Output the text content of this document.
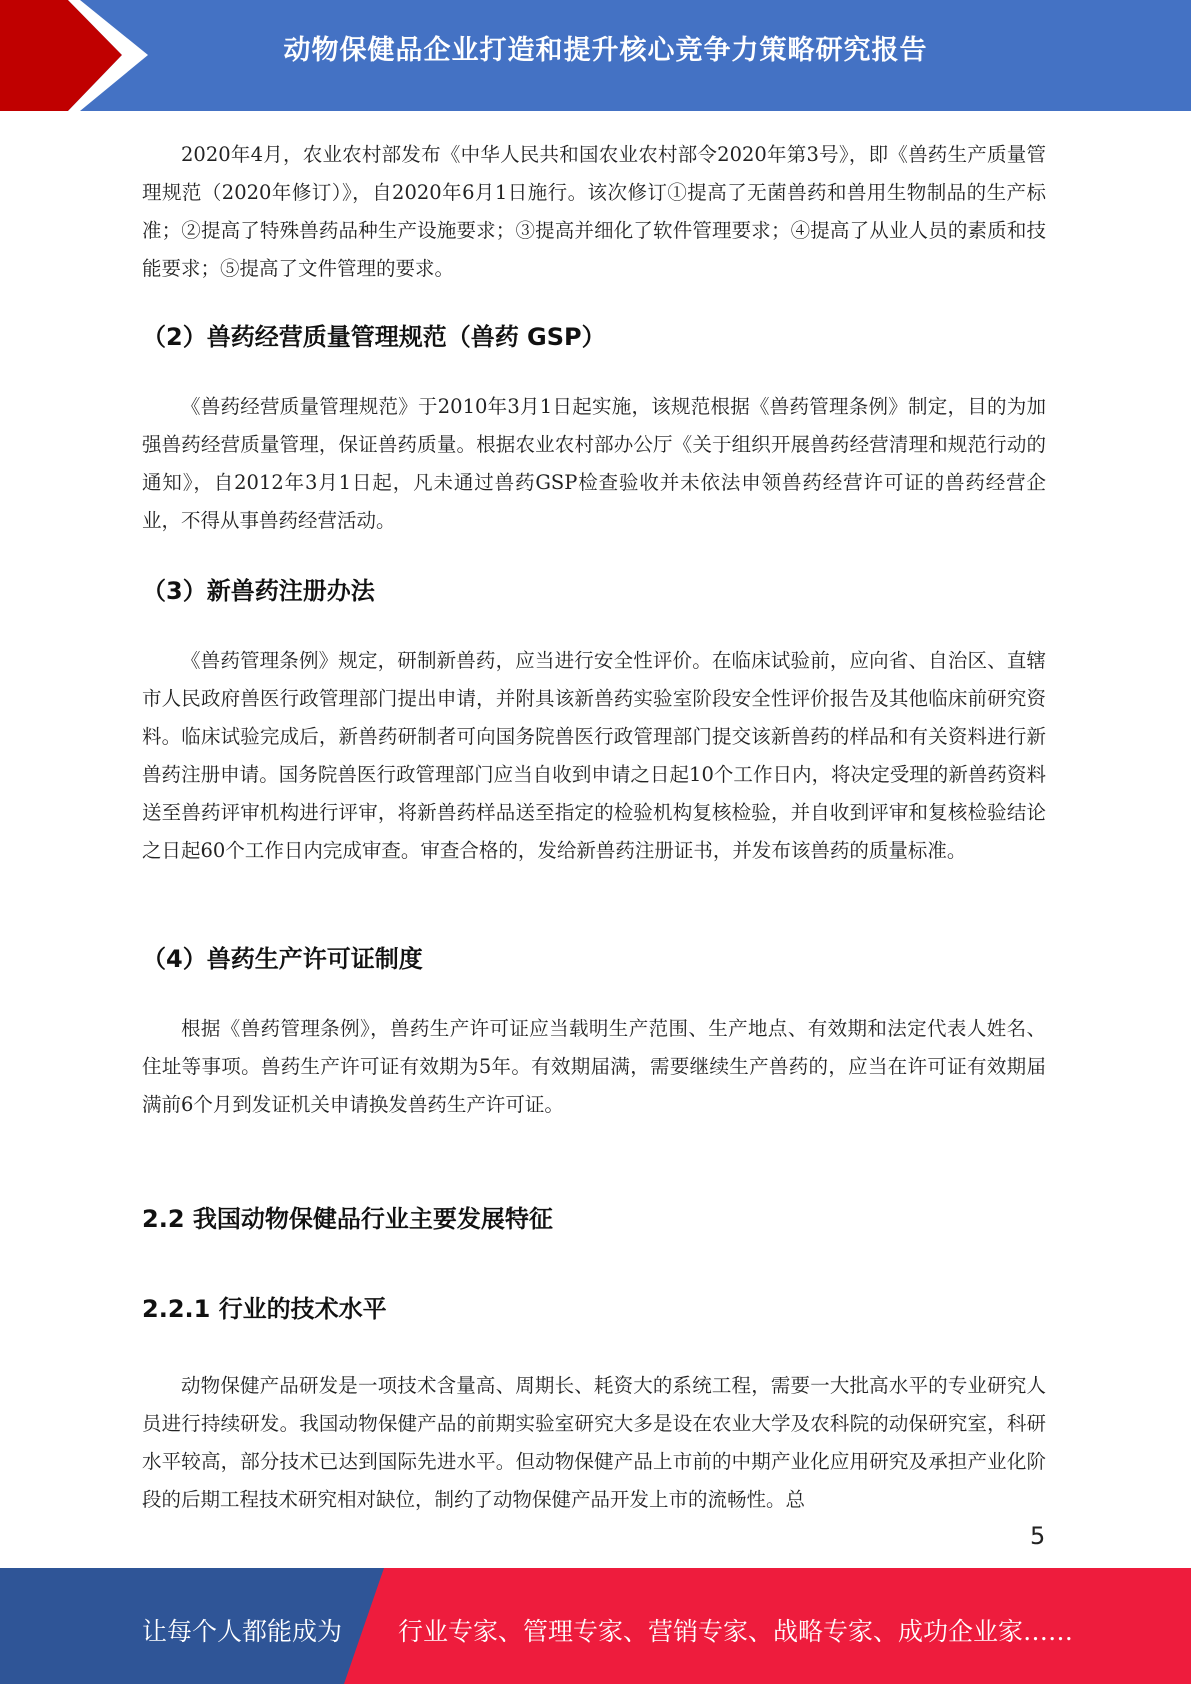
动物保健品企业打造和提升核心竞争力策略研究报告

2020年4月，农业农村部发布《中华人民共和国农业农村部令2020年第3号》，即《兽药生产质量管理规范（2020年修订）》，自2020年6月1日施行。该次修订①提高了无菌兽药和兽用生物制品的生产标准；②提高了特殊兽药品种生产设施要求；③提高并细化了软件管理要求；④提高了从业人员的素质和技能要求；⑤提高了文件管理的要求。

（2）兽药经营质量管理规范（兽药 GSP）

《兽药经营质量管理规范》于2010年3月1日起实施，该规范根据《兽药管理条例》制定，目的为加强兽药经营质量管理，保证兽药质量。根据农业农村部办公厅《关于组织开展兽药经营清理和规范行动的通知》，自2012年3月1日起，凡未通过兽药GSP检查验收并未依法申领兽药经营许可证的兽药经营企业，不得从事兽药经营活动。

（3）新兽药注册办法

《兽药管理条例》规定，研制新兽药，应当进行安全性评价。在临床试验前，应向省、自治区、直辖市人民政府兽医行政管理部门提出申请，并附具该新兽药实验室阶段安全性评价报告及其他临床前研究资料。临床试验完成后，新兽药研制者可向国务院兽医行政管理部门提交该新兽药的样品和有关资料进行新兽药注册申请。国务院兽医行政管理部门应当自收到申请之日起10个工作日内，将决定受理的新兽药资料送至兽药评审机构进行评审，将新兽药样品送至指定的检验机构复核检验，并自收到评审和复核检验结论之日起60个工作日内完成审查。审查合格的，发给新兽药注册证书，并发布该兽药的质量标准。

（4）兽药生产许可证制度

根据《兽药管理条例》，兽药生产许可证应当载明生产范围、生产地点、有效期和法定代表人姓名、住址等事项。兽药生产许可证有效期为5年。有效期届满，需要继续生产兽药的，应当在许可证有效期届满前6个月到发证机关申请换发兽药生产许可证。

2.2 我国动物保健品行业主要发展特征
2.2.1 行业的技术水平

动物保健产品研发是一项技术含量高、周期长、耗资大的系统工程，需要一大批高水平的专业研究人员进行持续研发。我国动物保健产品的前期实验室研究大多是设在农业大学及农科院的动保研究室，科研水平较高，部分技术已达到国际先进水平。但动物保健产品上市前的中期产业化应用研究及承担产业化阶段的后期工程技术研究相对缺位，制约了动物保健产品开发上市的流畅性。总

5
让每个人都能成为 行业专家、管理专家、营销专家、战略专家、成功企业家……
